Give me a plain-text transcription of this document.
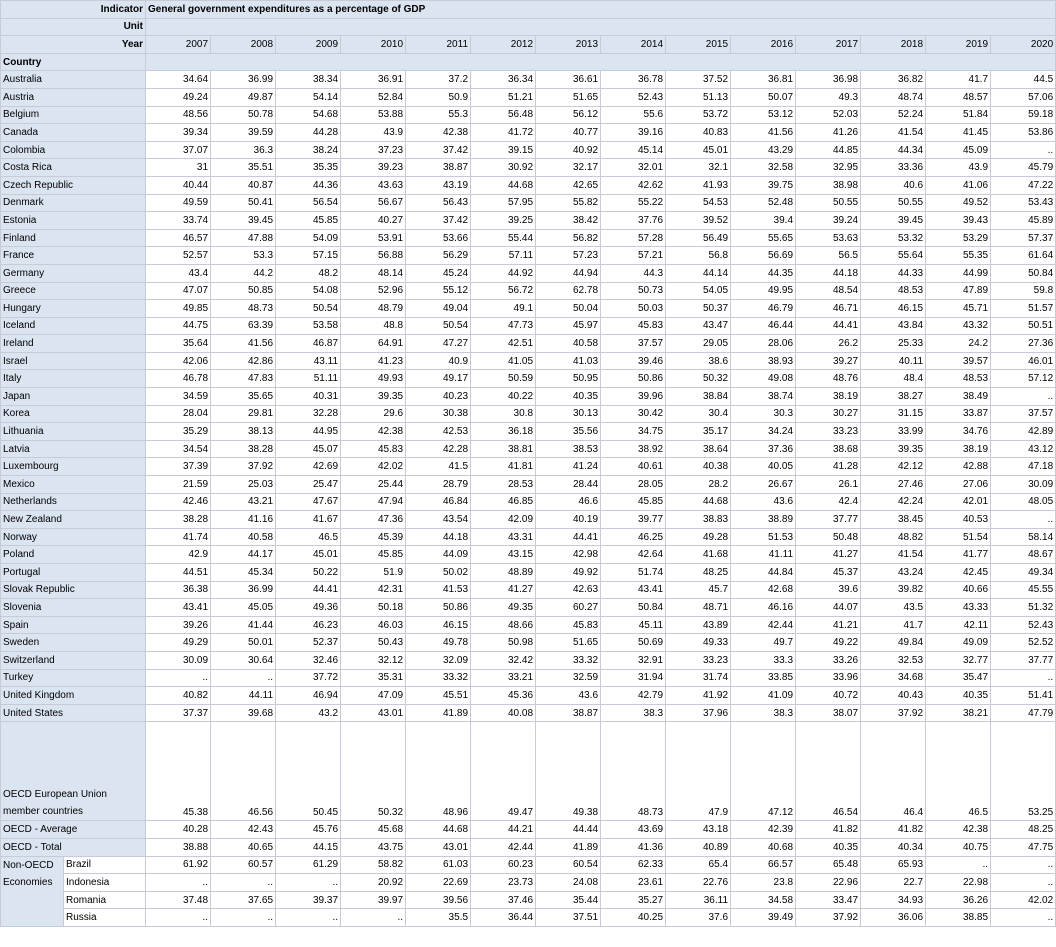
Indicator		General government expenditures as a percentage of GDP													
Unit															
Year		2007	2008	2009	2010	2011	2012	2013	2014	2015	2016	2017	2018	2019	2020
Country															
Australia		34.64	36.99	38.34	36.91	37.2	36.34	36.61	36.78	37.52	36.81	36.98	36.82	41.7	44.5
Austria		49.24	49.87	54.14	52.84	50.9	51.21	51.65	52.43	51.13	50.07	49.3	48.74	48.57	57.06
Belgium		48.56	50.78	54.68	53.88	55.3	56.48	56.12	55.6	53.72	53.12	52.03	52.24	51.84	59.18
Canada		39.34	39.59	44.28	43.9	42.38	41.72	40.77	39.16	40.83	41.56	41.26	41.54	41.45	53.86
Colombia		37.07	36.3	38.24	37.23	37.42	39.15	40.92	45.14	45.01	43.29	44.85	44.34	45.09	..
Costa Rica		31	35.51	35.35	39.23	38.87	30.92	32.17	32.01	32.1	32.58	32.95	33.36	43.9	45.79
Czech Republic		40.44	40.87	44.36	43.63	43.19	44.68	42.65	42.62	41.93	39.75	38.98	40.6	41.06	47.22
Denmark		49.59	50.41	56.54	56.67	56.43	57.95	55.82	55.22	54.53	52.48	50.55	50.55	49.52	53.43
Estonia		33.74	39.45	45.85	40.27	37.42	39.25	38.42	37.76	39.52	39.4	39.24	39.45	39.43	45.89
Finland		46.57	47.88	54.09	53.91	53.66	55.44	56.82	57.28	56.49	55.65	53.63	53.32	53.29	57.37
France		52.57	53.3	57.15	56.88	56.29	57.11	57.23	57.21	56.8	56.69	56.5	55.64	55.35	61.64
Germany		43.4	44.2	48.2	48.14	45.24	44.92	44.94	44.3	44.14	44.35	44.18	44.33	44.99	50.84
Greece		47.07	50.85	54.08	52.96	55.12	56.72	62.78	50.73	54.05	49.95	48.54	48.53	47.89	59.8
Hungary		49.85	48.73	50.54	48.79	49.04	49.1	50.04	50.03	50.37	46.79	46.71	46.15	45.71	51.57
Iceland		44.75	63.39	53.58	48.8	50.54	47.73	45.97	45.83	43.47	46.44	44.41	43.84	43.32	50.51
Ireland		35.64	41.56	46.87	64.91	47.27	42.51	40.58	37.57	29.05	28.06	26.2	25.33	24.2	27.36
Israel		42.06	42.86	43.11	41.23	40.9	41.05	41.03	39.46	38.6	38.93	39.27	40.11	39.57	46.01
Italy		46.78	47.83	51.11	49.93	49.17	50.59	50.95	50.86	50.32	49.08	48.76	48.4	48.53	57.12
Japan		34.59	35.65	40.31	39.35	40.23	40.22	40.35	39.96	38.84	38.74	38.19	38.27	38.49	..
Korea		28.04	29.81	32.28	29.6	30.38	30.8	30.13	30.42	30.4	30.3	30.27	31.15	33.87	37.57
Lithuania		35.29	38.13	44.95	42.38	42.53	36.18	35.56	34.75	35.17	34.24	33.23	33.99	34.76	42.89
Latvia		34.54	38.28	45.07	45.83	42.28	38.81	38.53	38.92	38.64	37.36	38.68	39.35	38.19	43.12
Luxembourg		37.39	37.92	42.69	42.02	41.5	41.81	41.24	40.61	40.38	40.05	41.28	42.12	42.88	47.18
Mexico		21.59	25.03	25.47	25.44	28.79	28.53	28.44	28.05	28.2	26.67	26.1	27.46	27.06	30.09
Netherlands		42.46	43.21	47.67	47.94	46.84	46.85	46.6	45.85	44.68	43.6	42.4	42.24	42.01	48.05
New Zealand		38.28	41.16	41.67	47.36	43.54	42.09	40.19	39.77	38.83	38.89	37.77	38.45	40.53	..
Norway		41.74	40.58	46.5	45.39	44.18	43.31	44.41	46.25	49.28	51.53	50.48	48.82	51.54	58.14
Poland		42.9	44.17	45.01	45.85	44.09	43.15	42.98	42.64	41.68	41.11	41.27	41.54	41.77	48.67
Portugal		44.51	45.34	50.22	51.9	50.02	48.89	49.92	51.74	48.25	44.84	45.37	43.24	42.45	49.34
Slovak Republic		36.38	36.99	44.41	42.31	41.53	41.27	42.63	43.41	45.7	42.68	39.6	39.82	40.66	45.55
Slovenia		43.41	45.05	49.36	50.18	50.86	49.35	60.27	50.84	48.71	46.16	44.07	43.5	43.33	51.32
Spain		39.26	41.44	46.23	46.03	46.15	48.66	45.83	45.11	43.89	42.44	41.21	41.7	42.11	52.43
Sweden		49.29	50.01	52.37	50.43	49.78	50.98	51.65	50.69	49.33	49.7	49.22	49.84	49.09	52.52
Switzerland		30.09	30.64	32.46	32.12	32.09	32.42	33.32	32.91	33.23	33.3	33.26	32.53	32.77	37.77
Turkey		..	..	37.72	35.31	33.32	33.21	32.59	31.94	31.74	33.85	33.96	34.68	35.47	..
United Kingdom		40.82	44.11	46.94	47.09	45.51	45.36	43.6	42.79	41.92	41.09	40.72	40.43	40.35	51.41
United States		37.37	39.68	43.2	43.01	41.89	40.08	38.87	38.3	37.96	38.3	38.07	37.92	38.21	47.79
OECD European Union member countries		45.38	46.56	50.45	50.32	48.96	49.47	49.38	48.73	47.9	47.12	46.54	46.4	46.5	53.25
OECD - Average		40.28	42.43	45.76	45.68	44.68	44.21	44.44	43.69	43.18	42.39	41.82	41.82	42.38	48.25
OECD - Total		38.88	40.65	44.15	43.75	43.01	42.44	41.89	41.36	40.89	40.68	40.35	40.34	40.75	47.75
Non-OECD Economies	Brazil	61.92	60.57	61.29	58.82	61.03	60.23	60.54	62.33	65.4	66.57	65.48	65.93	..	..
	Indonesia	..	..	..	20.92	22.69	23.73	24.08	23.61	22.76	23.8	22.96	22.7	22.98	..
	Romania	37.48	37.65	39.37	39.97	39.56	37.46	35.44	35.27	36.11	34.58	33.47	34.93	36.26	42.02
	Russia	..	..	..	..	35.5	36.44	37.51	40.25	37.6	39.49	37.92	36.06	38.85	..
